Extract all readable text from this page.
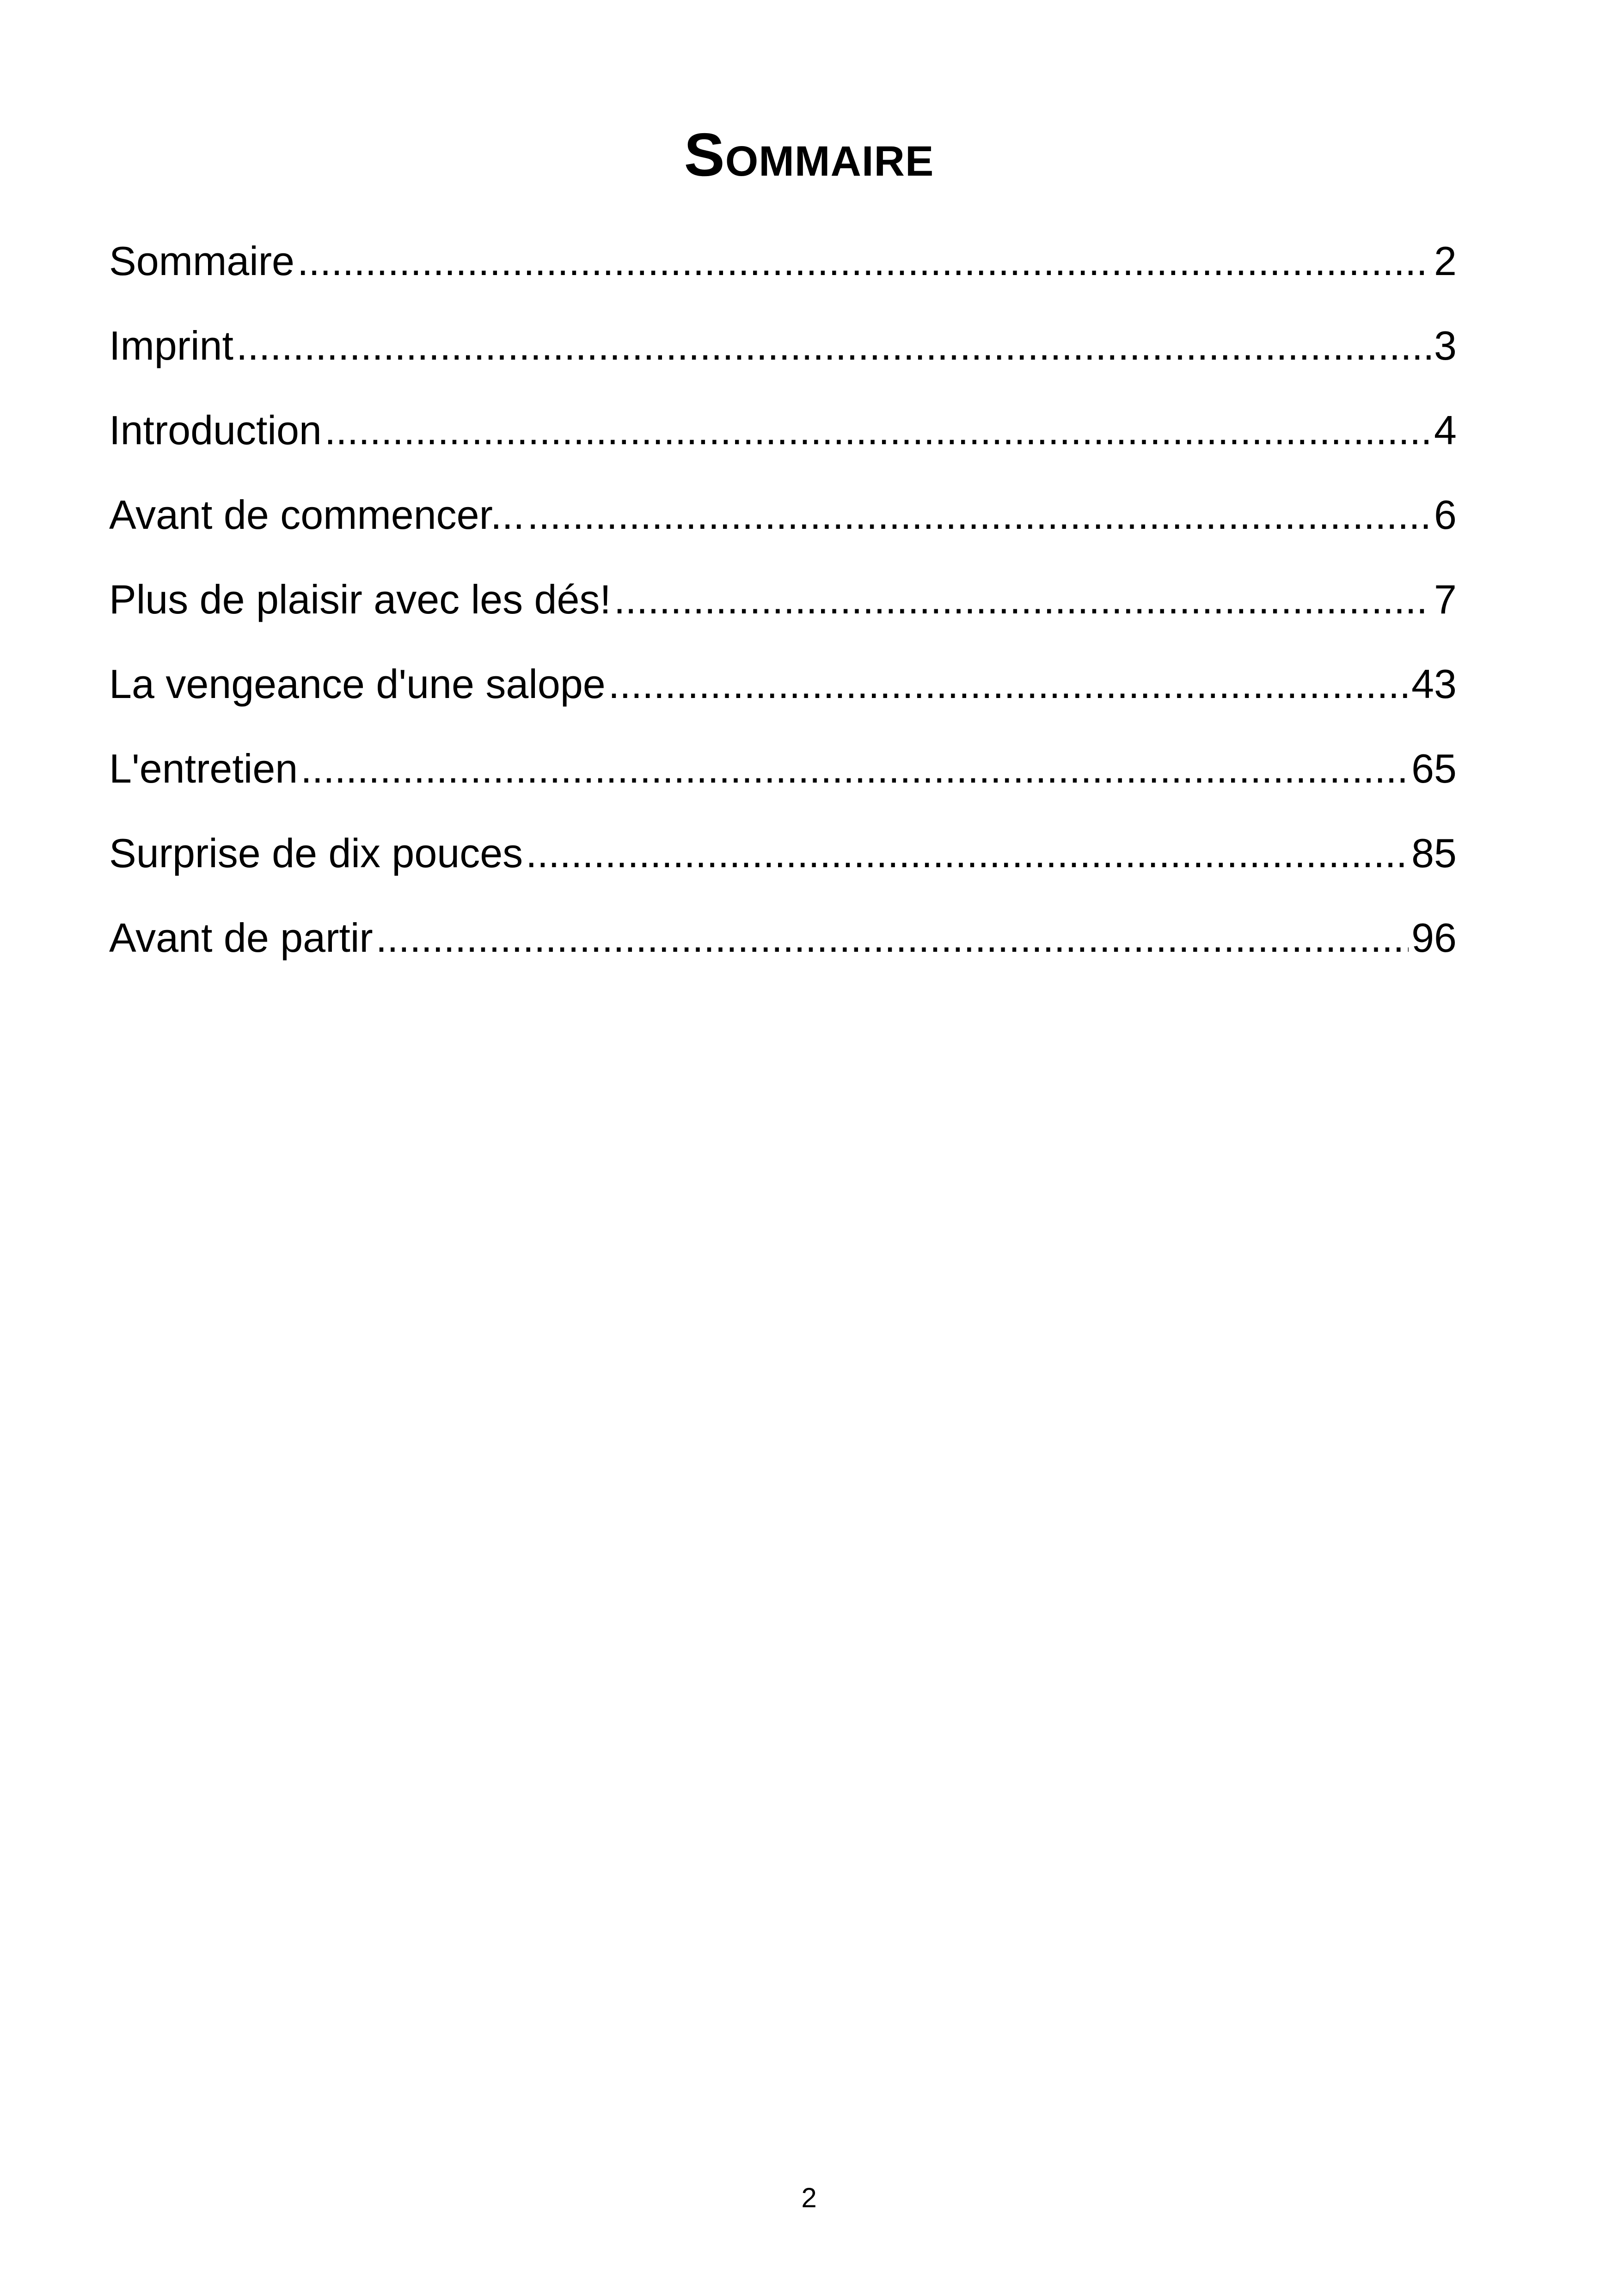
Sommaire
Sommaire .....	2
Imprint .....	3
Introduction .....	4
Avant de commencer... .....	6
Plus de plaisir avec les dés! .....	7
La vengeance d'une salope .....	43
L'entretien .....	65
Surprise de dix pouces .....	85
Avant de partir .....	96
2
